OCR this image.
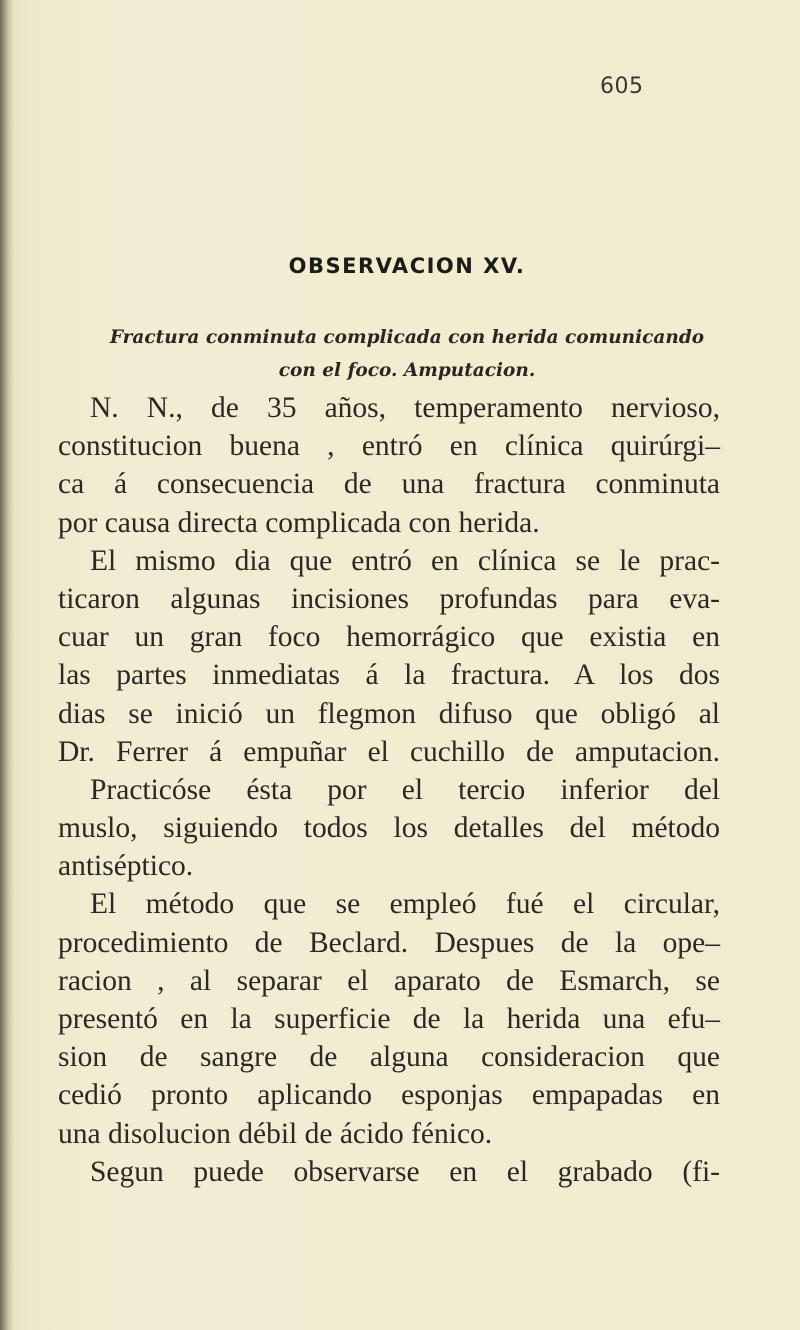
605
OBSERVACION XV.
Fractura conminuta complicada con herida comunicando
con el foco. Amputacion.
N. N., de 35 años, temperamento nervioso,
constitucion buena , entró en clínica quirúrgi–
ca á consecuencia de una fractura conminuta
por causa directa complicada con herida.
El mismo dia que entró en clínica se le prac-
ticaron algunas incisiones profundas para eva-
cuar un gran foco hemorrágico que existia en
las partes inmediatas á la fractura. A los dos
dias se inició un flegmon difuso que obligó al
Dr. Ferrer á empuñar el cuchillo de amputacion.
Practicóse ésta por el tercio inferior del
muslo, siguiendo todos los detalles del método
antiséptico.
El método que se empleó fué el circular,
procedimiento de Beclard. Despues de la ope–
racion , al separar el aparato de Esmarch, se
presentó en la superficie de la herida una efu–
sion de sangre de alguna consideracion que
cedió pronto aplicando esponjas empapadas en
una disolucion débil de ácido fénico.
Segun puede observarse en el grabado (fi-
